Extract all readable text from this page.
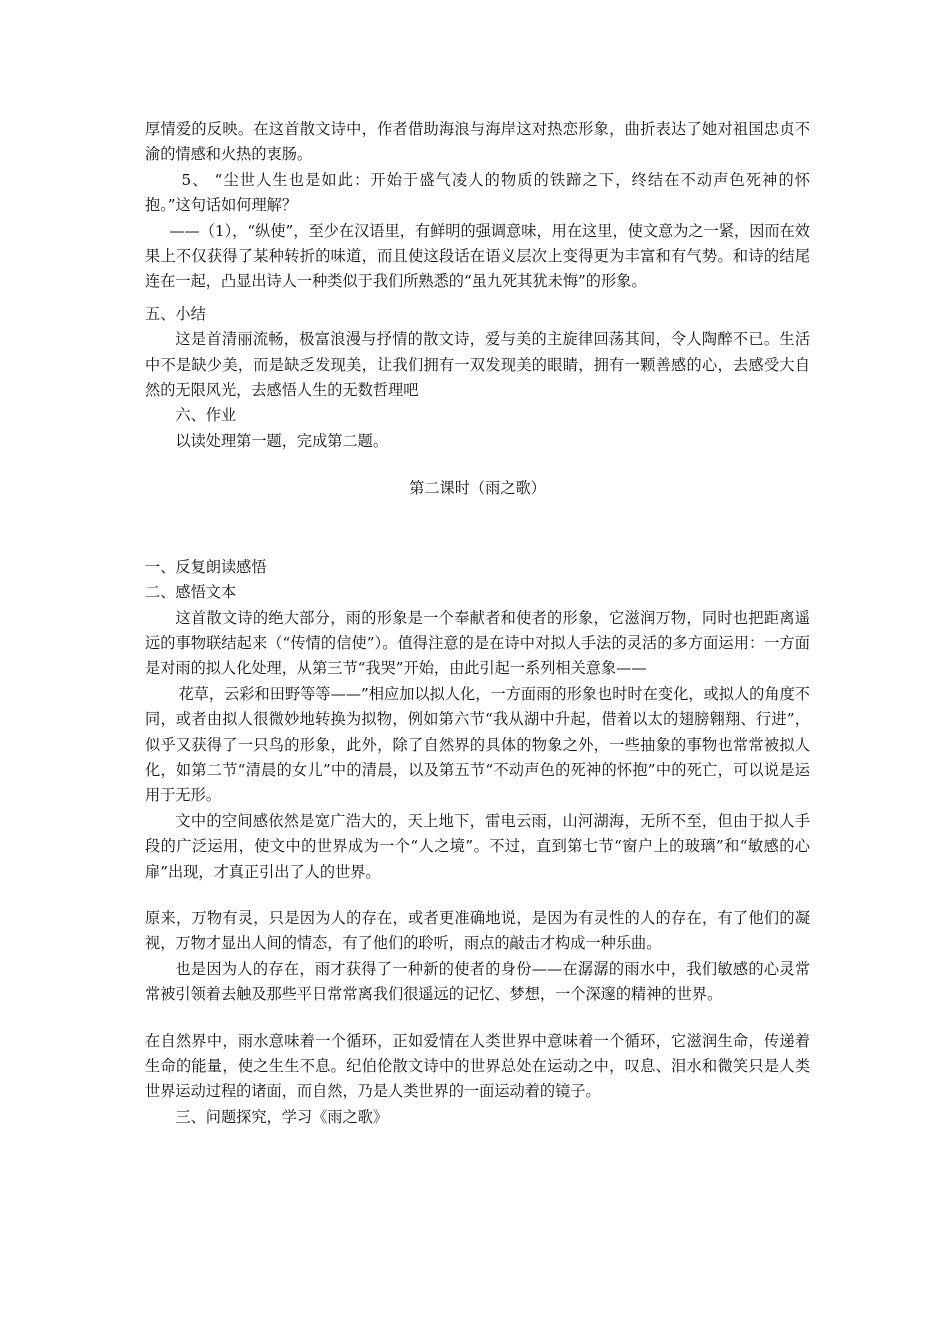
厚情爱的反映。在这首散文诗中，作者借助海浪与海岸这对热恋形象，曲折表达了她对祖国忠贞不渝的情感和火热的衷肠。

5、 “尘世人生也是如此：开始于盛气凌人的物质的铁蹄之下，终结在不动声色死神的怀抱。”这句话如何理解？

——（1），“纵使”，至少在汉语里，有鲜明的强调意味，用在这里，使文意为之一紧，因而在效果上不仅获得了某种转折的味道，而且使这段话在语义层次上变得更为丰富和有气势。和诗的结尾连在一起，凸显出诗人一种类似于我们所熟悉的“虽九死其犹未悔”的形象。

五、小结

这是首清丽流畅，极富浪漫与抒情的散文诗，爱与美的主旋律回荡其间，令人陶醉不已。生活中不是缺少美，而是缺乏发现美，让我们拥有一双发现美的眼睛，拥有一颗善感的心，去感受大自然的无限风光，去感悟人生的无数哲理吧

六、作业

以读处理第一题，完成第二题。

第二课时（雨之歌）

一、反复朗读感悟

二、感悟文本

这首散文诗的绝大部分，雨的形象是一个奉献者和使者的形象，它滋润万物，同时也把距离遥远的事物联结起来（“传情的信使”）。值得注意的是在诗中对拟人手法的灵活的多方面运用：一方面是对雨的拟人化处理，从第三节“我哭”开始，由此引起一系列相关意象——

花草，云彩和田野等等——”相应加以拟人化，一方面雨的形象也时时在变化，或拟人的角度不同，或者由拟人很微妙地转换为拟物，例如第六节“我从湖中升起，借着以太的翅膀翱翔、行进”，似乎又获得了一只鸟的形象，此外，除了自然界的具体的物象之外，一些抽象的事物也常常被拟人化，如第二节“清晨的女儿”中的清晨，以及第五节“不动声色的死神的怀抱”中的死亡，可以说是运用于无形。

文中的空间感依然是宽广浩大的，天上地下，雷电云雨，山河湖海，无所不至，但由于拟人手段的广泛运用，使文中的世界成为一个“人之境”。不过，直到第七节“窗户上的玻璃”和“敏感的心扉”出现，才真正引出了人的世界。

原来，万物有灵，只是因为人的存在，或者更准确地说，是因为有灵性的人的存在，有了他们的凝视，万物才显出人间的情态，有了他们的聆听，雨点的敲击才构成一种乐曲。

也是因为人的存在，雨才获得了一种新的使者的身份——在潺潺的雨水中，我们敏感的心灵常常被引领着去触及那些平日常常离我们很遥远的记忆、梦想，一个深邃的精神的世界。

在自然界中，雨水意味着一个循环，正如爱情在人类世界中意味着一个循环，它滋润生命，传递着生命的能量，使之生生不息。纪伯伦散文诗中的世界总处在运动之中，叹息、泪水和微笑只是人类世界运动过程的诸面，而自然，乃是人类世界的一面运动着的镜子。

三、问题探究，学习《雨之歌》
